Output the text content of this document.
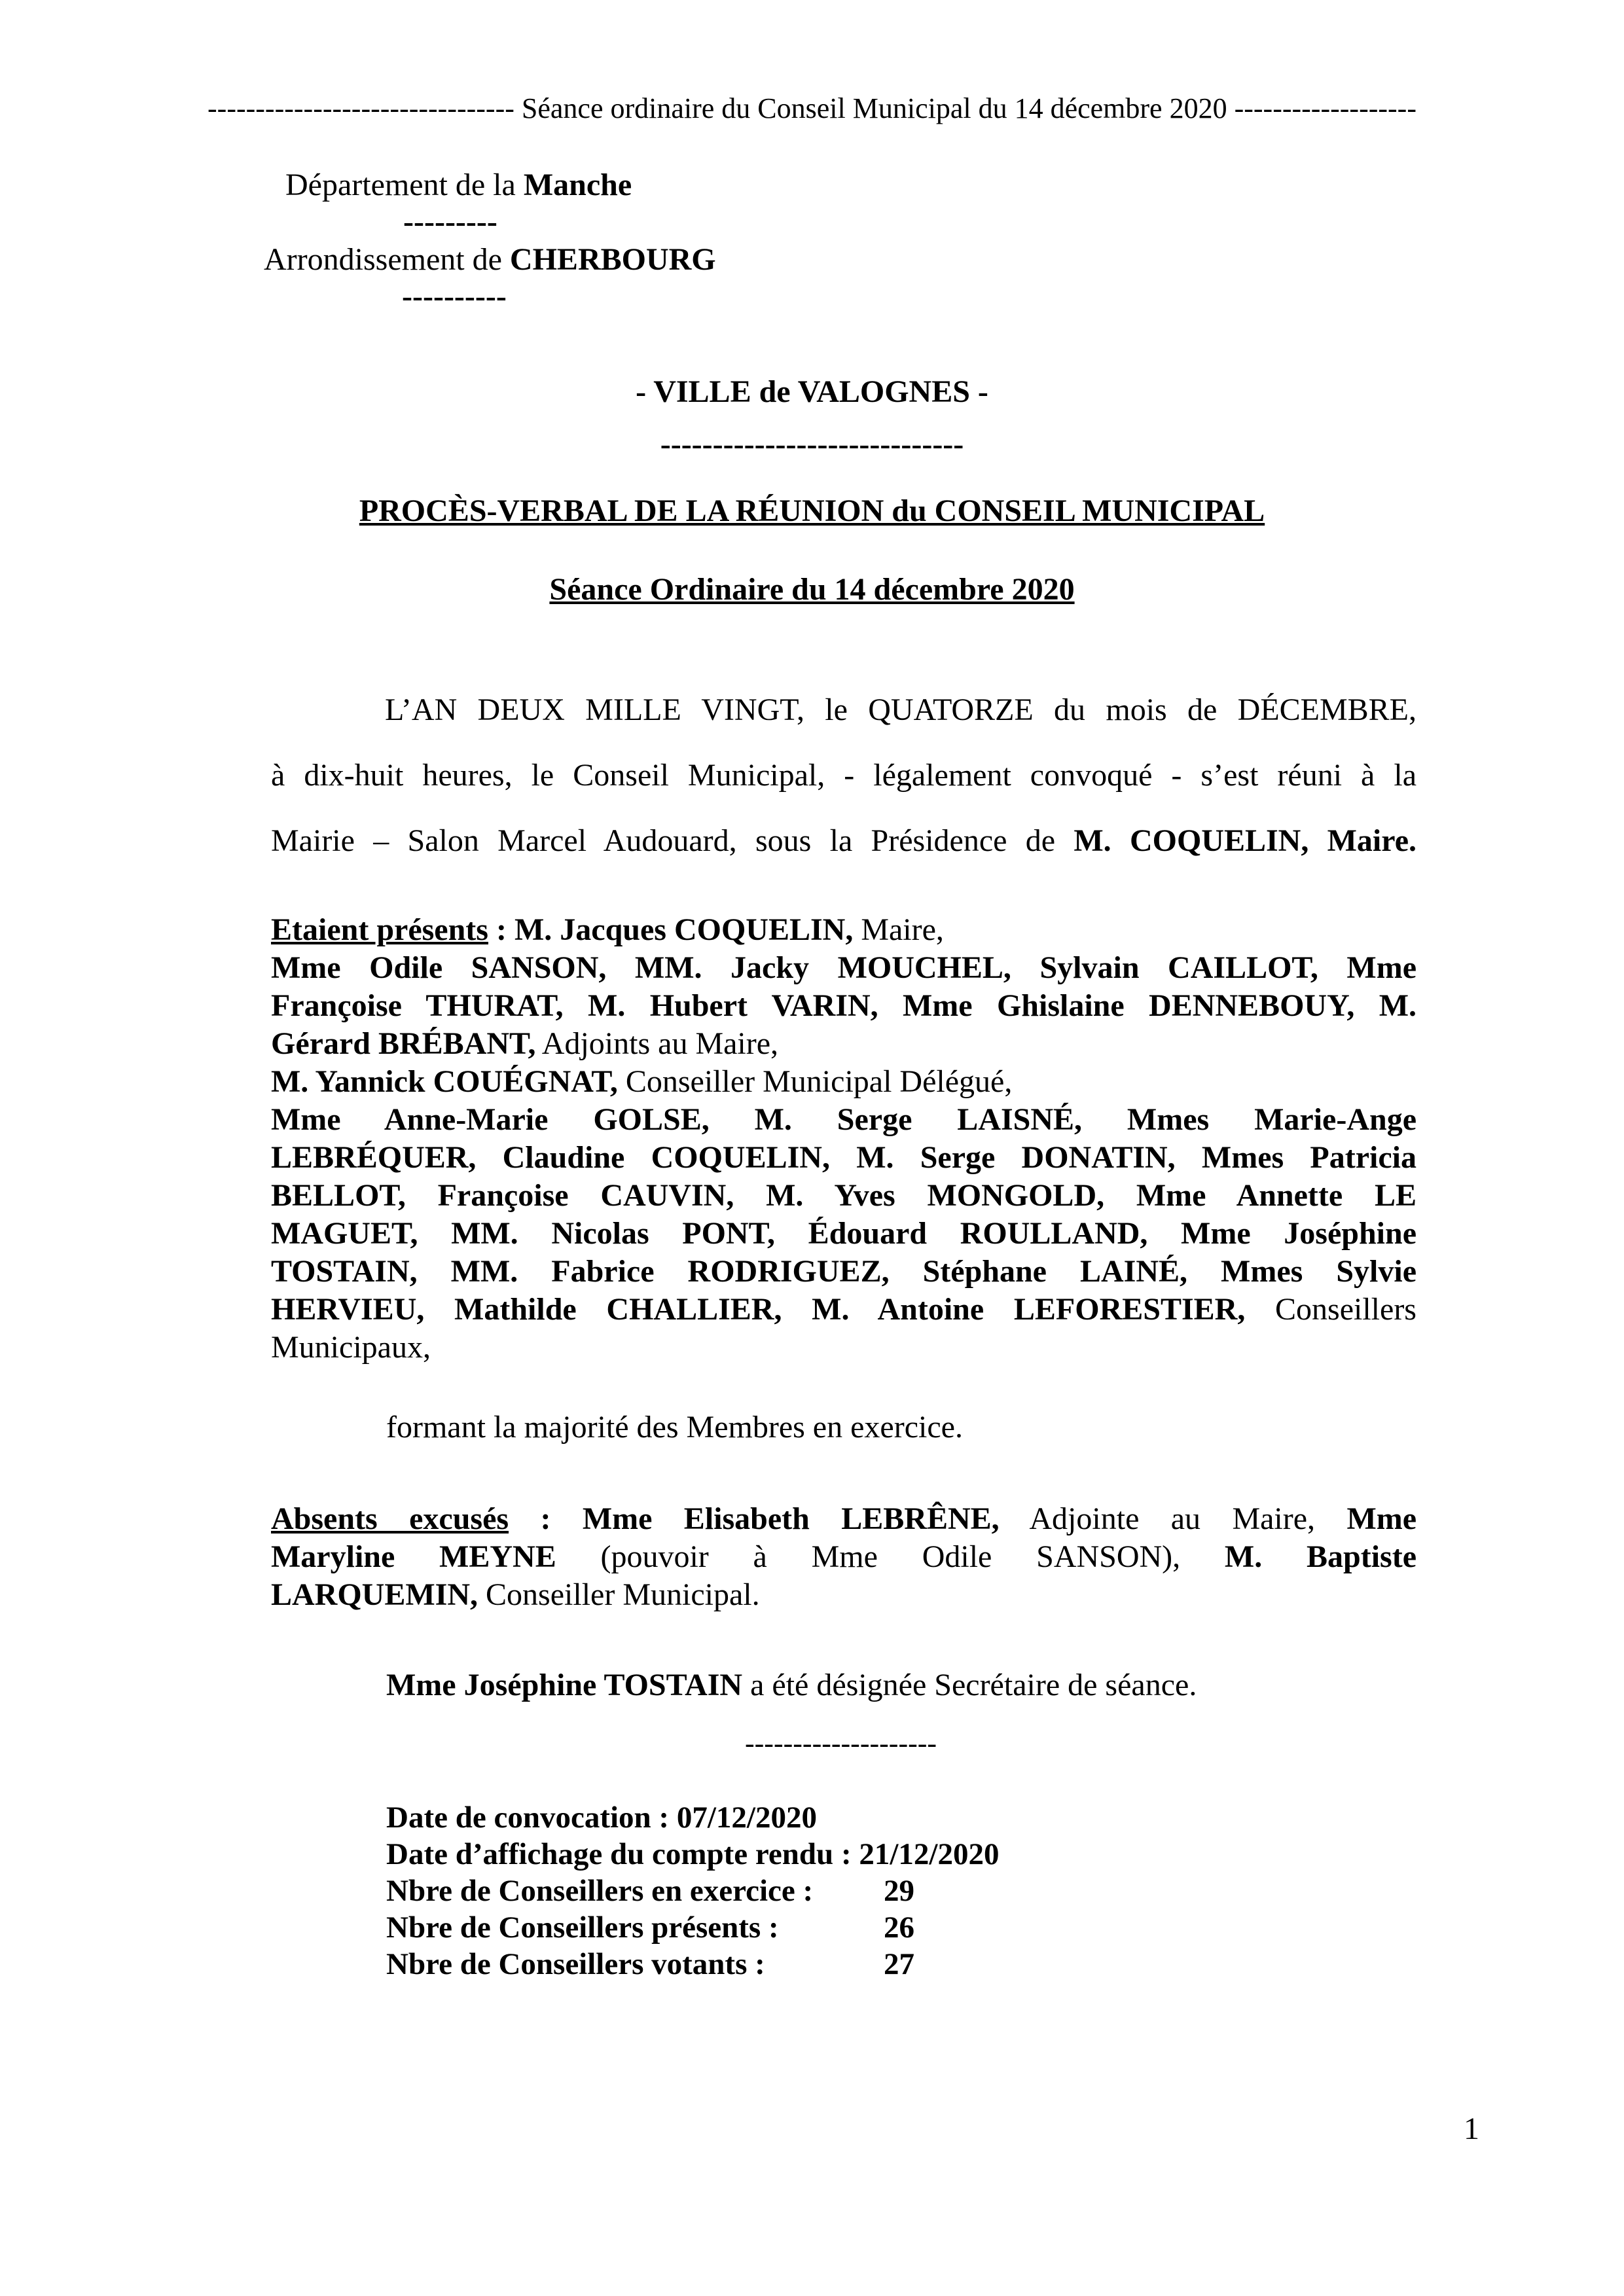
-------------------------------- Séance ordinaire du Conseil Municipal du 14 décembre 2020 -------------------
Département de la Manche
---------
Arrondissement de CHERBOURG
----------
- VILLE de VALOGNES -
-----------------------------
PROCÈS-VERBAL DE LA RÉUNION du CONSEIL MUNICIPAL
Séance Ordinaire du 14 décembre 2020
L’AN DEUX MILLE VINGT, le QUATORZE du mois de DÉCEMBRE,
à dix-huit heures, le Conseil Municipal, - légalement convoqué - s’est réuni à la
Mairie – Salon Marcel Audouard, sous la Présidence de M. COQUELIN, Maire.
Etaient présents : M. Jacques COQUELIN, Maire,
Mme Odile SANSON, MM. Jacky MOUCHEL, Sylvain CAILLOT, Mme
Françoise THURAT, M. Hubert VARIN, Mme Ghislaine DENNEBOUY, M.
Gérard BRÉBANT, Adjoints au Maire,
M. Yannick COUÉGNAT, Conseiller Municipal Délégué,
Mme Anne-Marie GOLSE, M. Serge LAISNÉ, Mmes Marie-Ange
LEBRÉQUER, Claudine COQUELIN, M. Serge DONATIN, Mmes Patricia
BELLOT, Françoise CAUVIN, M. Yves MONGOLD, Mme Annette LE
MAGUET, MM. Nicolas PONT, Édouard ROULLAND, Mme Joséphine
TOSTAIN, MM. Fabrice RODRIGUEZ, Stéphane LAINÉ, Mmes Sylvie
HERVIEU, Mathilde CHALLIER, M. Antoine LEFORESTIER, Conseillers
Municipaux,
formant la majorité des Membres en exercice.
Absents excusés : Mme Elisabeth LEBRÊNE, Adjointe au Maire, Mme
Maryline MEYNE (pouvoir à Mme Odile SANSON), M. Baptiste
LARQUEMIN, Conseiller Municipal.
Mme Joséphine TOSTAIN a été désignée Secrétaire de séance.
--------------------
Date de convocation : 07/12/2020
Date d’affichage du compte rendu : 21/12/2020
Nbre de Conseillers en exercice : 29
Nbre de Conseillers présents :	26
Nbre de Conseillers votants :	27
1
